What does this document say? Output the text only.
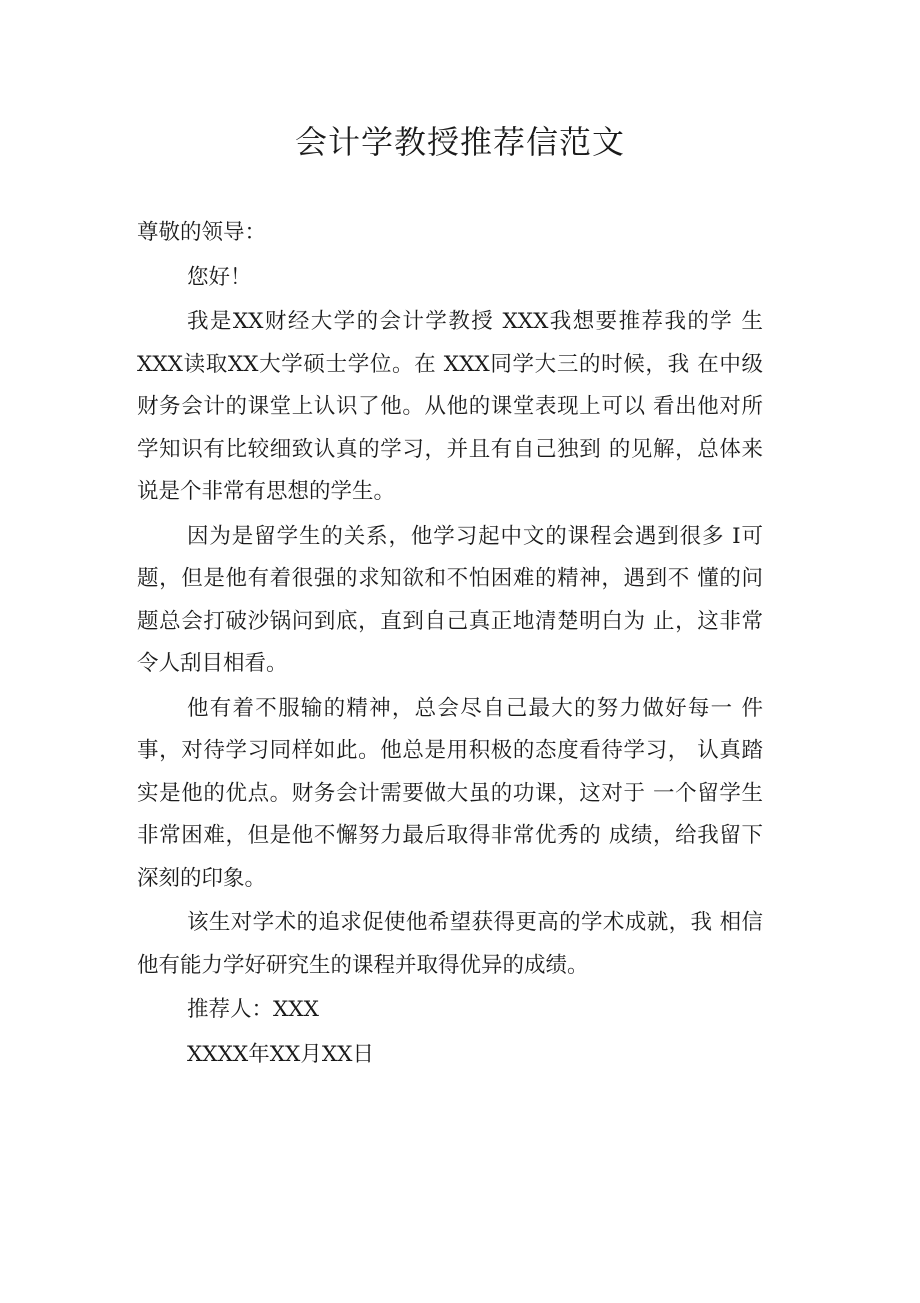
会计学教授推荐信范文

尊敬的领导：

您好！

我是XX财经大学的会计学教授 XXX我想要推荐我的学 生XXX读取XX大学硕士学位。在 XXX同学大三的时候，我 在中级财务会计的课堂上认识了他。从他的课堂表现上可以 看出他对所学知识有比较细致认真的学习，并且有自己独到 的见解，总体来说是个非常有思想的学生。

因为是留学生的关系，他学习起中文的课程会遇到很多 I可题，但是他有着很强的求知欲和不怕困难的精神，遇到不 懂的问题总会打破沙锅问到底，直到自己真正地清楚明白为 止，这非常令人刮目相看。

他有着不服输的精神，总会尽自己最大的努力做好每一 件事，对待学习同样如此。他总是用积极的态度看待学习， 认真踏实是他的优点。财务会计需要做大虽的功课，这对于 一个留学生非常困难，但是他不懈努力最后取得非常优秀的 成绩，给我留下深刻的印象。

该生对学术的追求促使他希望获得更高的学术成就，我 相信他有能力学好研究生的课程并取得优异的成绩。

推荐人：XXX

XXXX年XX月XX日
